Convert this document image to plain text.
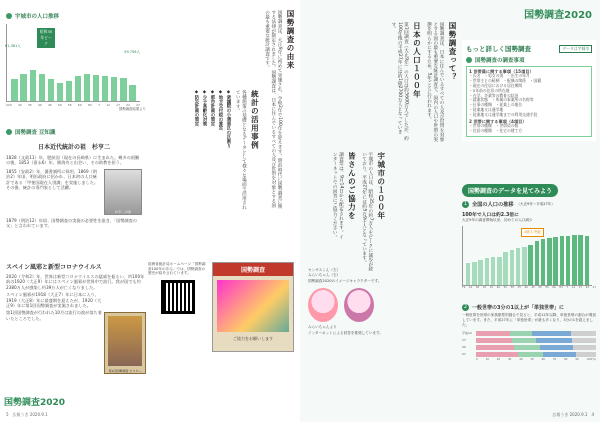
宇城市の人口推移
昭和35年ピーク
61,381人
59,756人
S25 30 35 40 45 50 55 60 H2 7 12 17 22 27
国勢調査結果より
国勢調査 豆知識
日本近代統計の祖　杉亨二
1828（文政11）年、肥前国（現在の長崎県）に生まれた。幾多の困難の後、1853（嘉永6）年、勝海舟と出会い、その助教を担う。
1855（安政2）年、蕃書調所に採用、1869（明治2）年頃、明治政府に招かれ、日本初の人口統計である「甲斐国現在人別調」を実施しました。その後、統計の専門家として活躍。
杉亨二 肖像
1879（明治12）年頃、国勢調査の実施の必要性を説き、「国勢調査の父」と言われています。
スペイン風邪と新型コロナウイルス
2020（令和2）年、世界は新型コロナウイルスの猛威を振るい、約100年前の1920（大正9）年にはスペイン風邪が世界中で流行。我が国でも約2380万人が感染し約39万人が亡くなりました。
スペイン風邪が1918（大正7）年に日本に入り、1919（大正8）年に最盛期を迎えたが、1920（大正9）年に第1回国勢調査が実施されました。
第1回国勢調査が行われた10月は流行の波が落ち着いたところでした。
第1回国勢調査 ポスター
国勢調査の由来
国勢調査は、大正9年に初めて実施され、令和2年で100年を迎えます。明治時代に国勢調査に関する法律が制定されました。国勢調査は、日本に住んでいるすべての人及び世帯を対象とする国の最も重要な統計調査です。
統計の活用事例
各種施策の基礎となるデータとして様々な場面で活用されています。
◆衆議院の小選挙区の区割り
◆地方交付税の算定
◆都市計画の策定
◆少子高齢化対策
◆防災計画の策定
総務省統計局ホームページ「国勢調査100年の歩み」では、国勢調査の歴史が紹介されています。	国勢調査
ご協力をお願いします
国勢調査2020
5　 広報うき 2020.9.1
国勢調査2020
国勢調査って？
国勢調査は、日本に住んでいるすべての人及び世帯を対象とする国の最も重要な統計調査で、国内の人口や世帯の実態を明らかにするため、5年ごとに行われます。
日本の人口１００年
第1回調査（大正9年）の人口は約5600万人でしたが、約100年後の平成27年には約1億2700万人となっています。
宇城市の１００年
宇城市の人口は、昭和35年の約7万人をピークに減少が続いており、平成27年には約5万9千人となっています。
皆さんのご協力を
調査票は、9月14日から配布されます。インターネットでの回答にご協力ください。
センサスくん（左）
みらいちゃん（右）
国勢調査2020のイメージキャラクターです。
みらいちゃんより
インターネットによる回答を推奨しています。
もっと詳しく国勢調査	データは宇城市
国勢調査の調査事項
1 世帯員に関する事項（15項目）
・氏名　・男女の別　・出生の年月
・世帯主との続柄　・配偶の関係　・国籍
・現在の住居における居住期間
・5年前の住居の所在地
・在学、卒業等の教育の状況
・就業状態　・所属の事業所の名称等
・仕事の種類　・従業上の地位
・従業地又は通学地
・従業地又は通学地までの利用交通手段
2 世帯に関する事項（4項目）
・世帯の種類　・世帯員の数
・住居の種類　・住宅の建て方
国勢調査のデータを見てみよう
1 全国の人口の推移 （大正9年〜平成27年）
100年で人口は約2.3倍に
大正9年の調査開始以来、初めての人口減少
1億人突破
T9 14 S5 10 15 20 25 30 35 40 45 50 55 60 H2 7 12 17 22 27
2 一般世帯の3分の1以上が「単独世帯」に
一般世帯を世帯の家族類型別割合で見ると、平成12年以降、単独世帯の割合が増加しています。また、平成27年に「単独世帯」が最も多くなり、3分の1を超えました。
平成12
17
22
27
0	10	20	30	40	50	60	70	80	90	100(%)
広報うき 2020.9.1　 4
